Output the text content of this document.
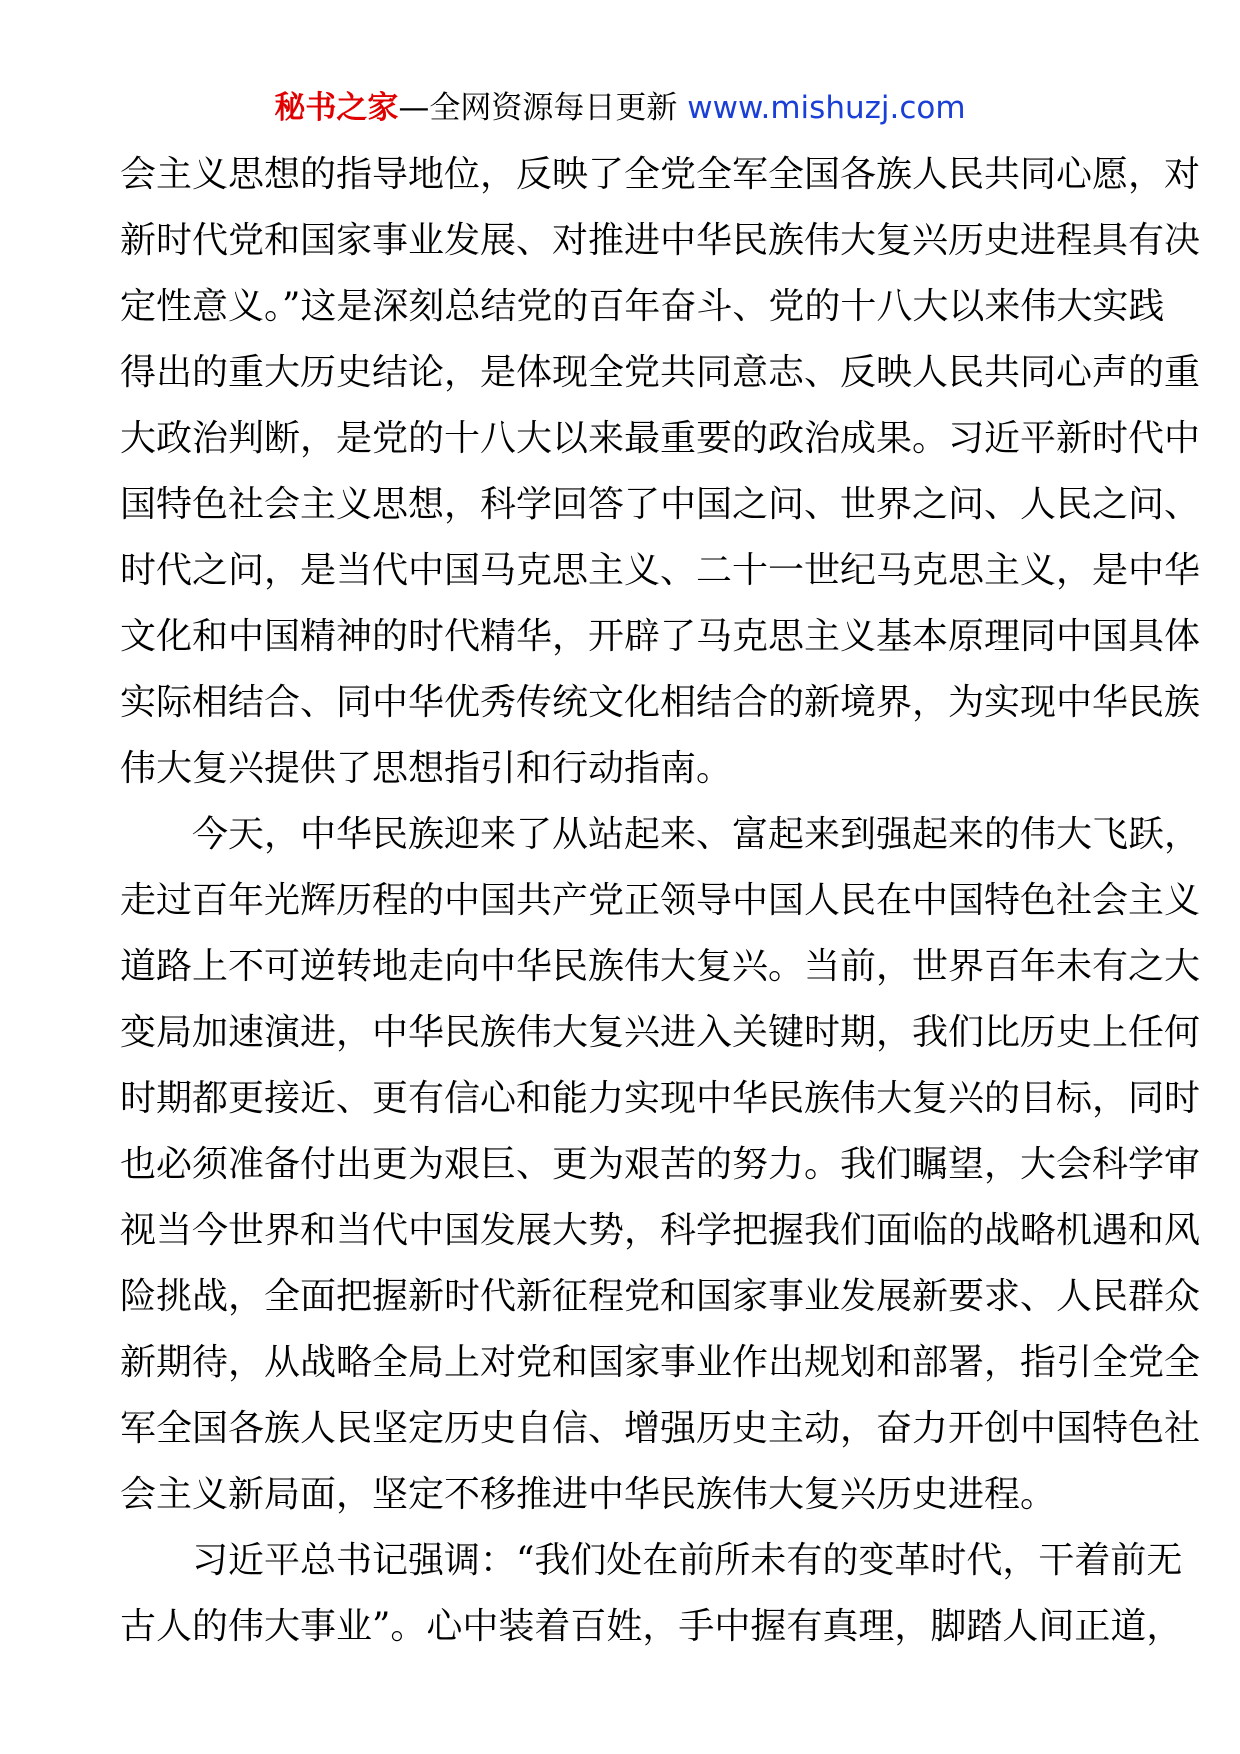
秘书之家—全网资源每日更新 www.mishuzj.com

会主义思想的指导地位，反映了全党全军全国各族人民共同心愿，对
新时代党和国家事业发展、对推进中华民族伟大复兴历史进程具有决
定性意义。”这是深刻总结党的百年奋斗、党的十八大以来伟大实践
得出的重大历史结论，是体现全党共同意志、反映人民共同心声的重
大政治判断，是党的十八大以来最重要的政治成果。习近平新时代中
国特色社会主义思想，科学回答了中国之问、世界之问、人民之问、
时代之问，是当代中国马克思主义、二十一世纪马克思主义，是中华
文化和中国精神的时代精华，开辟了马克思主义基本原理同中国具体
实际相结合、同中华优秀传统文化相结合的新境界，为实现中华民族
伟大复兴提供了思想指引和行动指南。

今天，中华民族迎来了从站起来、富起来到强起来的伟大飞跃，
走过百年光辉历程的中国共产党正领导中国人民在中国特色社会主义
道路上不可逆转地走向中华民族伟大复兴。当前，世界百年未有之大
变局加速演进，中华民族伟大复兴进入关键时期，我们比历史上任何
时期都更接近、更有信心和能力实现中华民族伟大复兴的目标，同时
也必须准备付出更为艰巨、更为艰苦的努力。我们瞩望，大会科学审
视当今世界和当代中国发展大势，科学把握我们面临的战略机遇和风
险挑战，全面把握新时代新征程党和国家事业发展新要求、人民群众
新期待，从战略全局上对党和国家事业作出规划和部署，指引全党全
军全国各族人民坚定历史自信、增强历史主动，奋力开创中国特色社
会主义新局面，坚定不移推进中华民族伟大复兴历史进程。

习近平总书记强调：“我们处在前所未有的变革时代，干着前无
古人的伟大事业”。心中装着百姓，手中握有真理，脚踏人间正道，
